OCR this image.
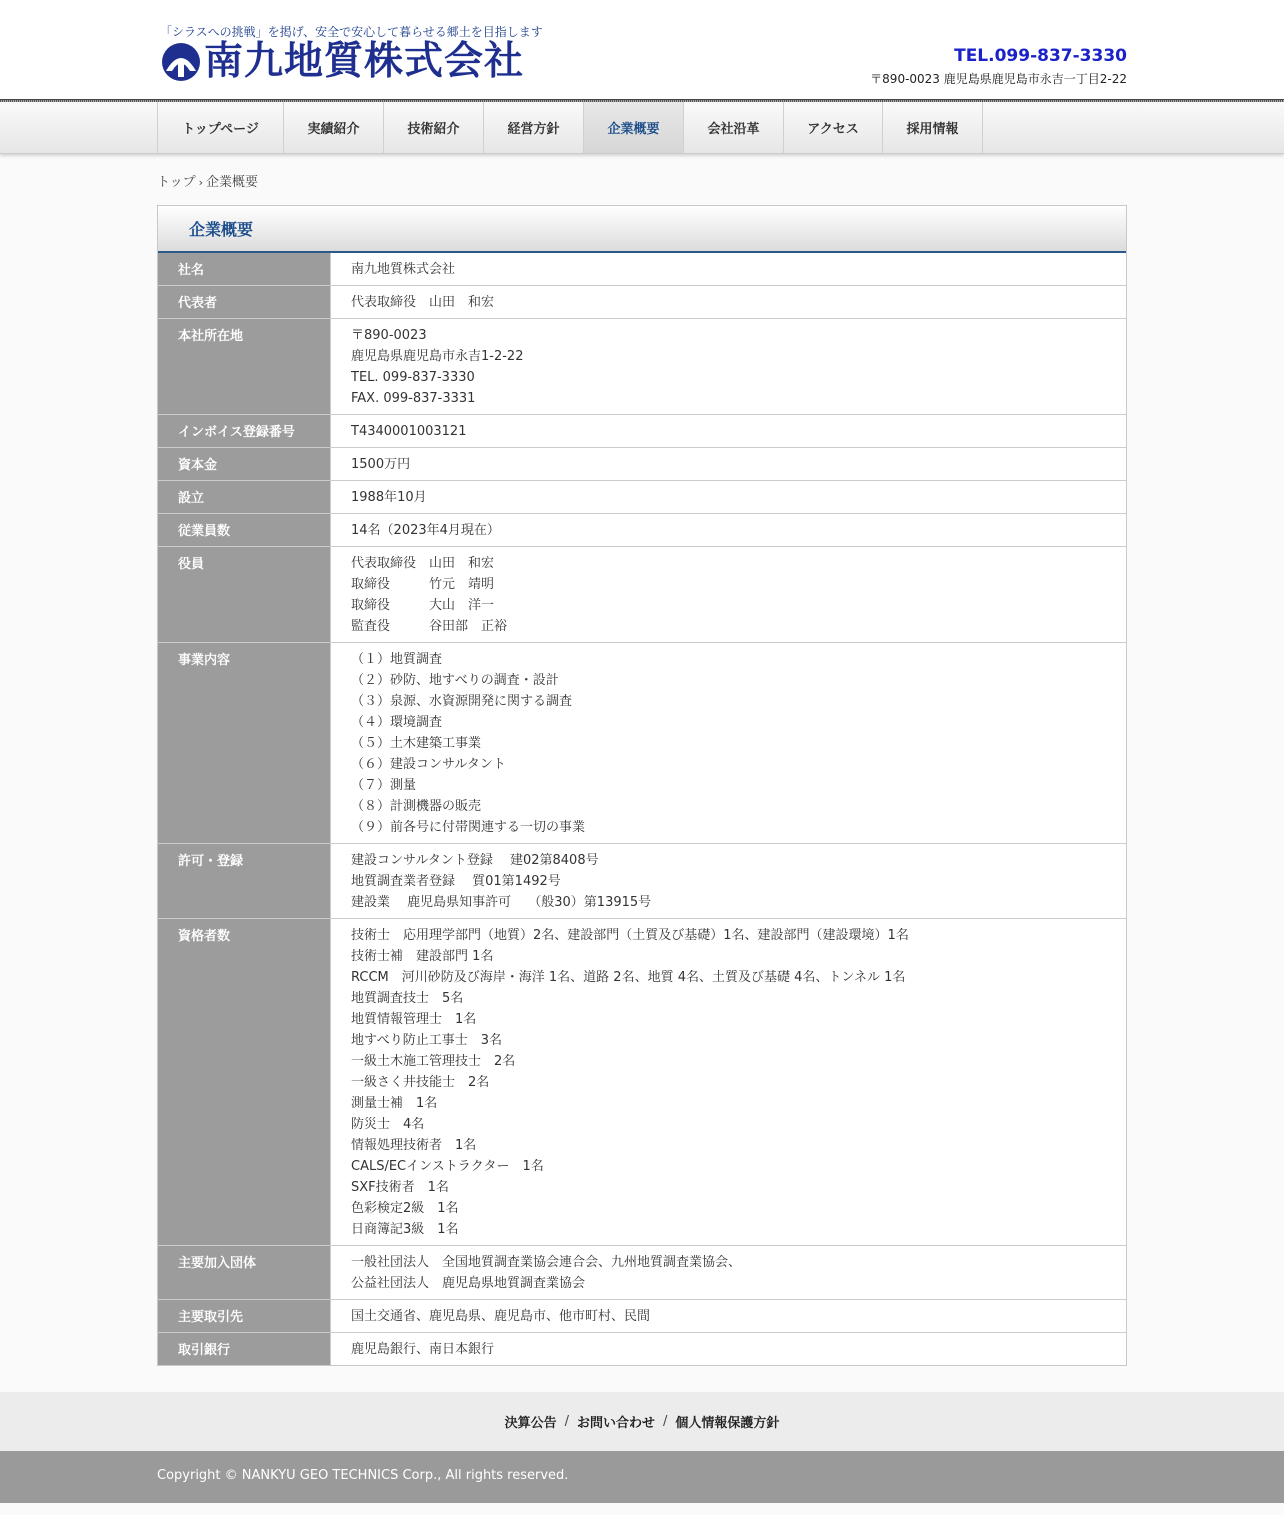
「シラスへの挑戦」を掲げ、安全で安心して暮らせる郷土を目指します
南九地質株式会社	TEL.099-837-3330
〒890-0023 鹿児島県鹿児島市永吉一丁目2-22
トップページ	実績紹介	技術紹介	経営方針	企業概要	会社沿革	アクセス	採用情報
トップ › 企業概要
企業概要
社名	南九地質株式会社
代表者	代表取締役　山田　和宏
本社所在地	〒890-0023
鹿児島県鹿児島市永吉1-2-22
TEL. 099-837-3330
FAX. 099-837-3331
インボイス登録番号	T4340001003121
資本金	1500万円
設立	1988年10月
従業員数	14名（2023年4月現在）
役員	代表取締役　山田　和宏
取締役　　　竹元　靖明
取締役　　　大山　洋一
監査役　　　谷田部　正裕
事業内容	（１）地質調査
（２）砂防、地すべりの調査・設計
（３）泉源、水資源開発に関する調査
（４）環境調査
（５）土木建築工事業
（６）建設コンサルタント
（７）測量
（８）計測機器の販売
（９）前各号に付帯関連する一切の事業
許可・登録	建設コンサルタント登録　 建02第8408号
地質調査業者登録　 質01第1492号
建設業　 鹿児島県知事許可　 （般30）第13915号
資格者数	技術士　応用理学部門（地質）2名、建設部門（土質及び基礎）1名、建設部門（建設環境）1名
技術士補　建設部門 1名
RCCM　河川砂防及び海岸・海洋 1名、道路 2名、地質 4名、土質及び基礎 4名、トンネル 1名
地質調査技士　5名
地質情報管理士　1名
地すべり防止工事士　3名
一級土木施工管理技士　2名
一級さく井技能士　2名
測量士補　1名
防災士　4名
情報処理技術者　1名
CALS/ECインストラクター　1名
SXF技術者　1名
色彩検定2級　1名
日商簿記3級　1名
主要加入団体	一般社団法人　全国地質調査業協会連合会、九州地質調査業協会、
公益社団法人　鹿児島県地質調査業協会
主要取引先	国土交通省、鹿児島県、鹿児島市、他市町村、民間
取引銀行	鹿児島銀行、南日本銀行
決算公告 / お問い合わせ / 個人情報保護方針
Copyright © NANKYU GEO TECHNICS Corp., All rights reserved.
